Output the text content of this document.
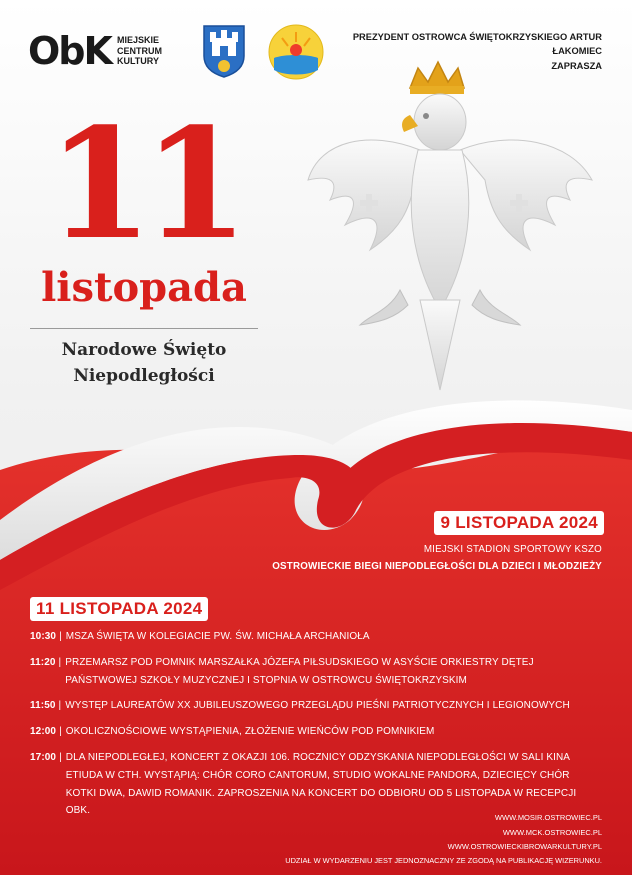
ObK MIEJSKIE CENTRUM KULTURY
PREZYDENT OSTROWCA ŚWIĘTOKRZYSKIEGO ARTUR ŁAKOMIEC
ZAPRASZA
11
listopada
Narodowe Święto
Niepodległości
9 LISTOPADA 2024
MIEJSKI STADION SPORTOWY KSZO
OSTROWIECKIE BIEGI NIEPODLEGŁOŚCI DLA DZIECI I MŁODZIEŻY
11 LISTOPADA 2024
10:30 | MSZA ŚWIĘTA W KOLEGIACIE PW. ŚW. MICHAŁA ARCHANIOŁA
11:20 | PRZEMARSZ POD POMNIK MARSZAŁKA JÓZEFA PIŁSUDSKIEGO W ASYŚCIE ORKIESTRY DĘTEJ PAŃSTWOWEJ SZKOŁY MUZYCZNEJ I STOPNIA W OSTROWCU ŚWIĘTOKRZYSKIM
11:50 | WYSTĘP LAUREATÓW XX JUBILEUSZOWEGO PRZEGLĄDU PIEŚNI PATRIOTYCZNYCH I LEGIONOWYCH
12:00 | OKOLICZNOŚCIOWE WYSTĄPIENIA, ZŁOŻENIE WIEŃCÓW POD POMNIKIEM
17:00 | DLA NIEPODLEGŁEJ, KONCERT Z OKAZJI 106. ROCZNICY ODZYSKANIA NIEPODLEGŁOŚCI W SALI KINA ETIUDA W CTH. WYSTĄPIĄ: CHÓR CORO CANTORUM, STUDIO WOKALNE PANDORA, DZIECIĘCY CHÓR KOTKI DWA, DAWID ROMANIK. ZAPROSZENIA NA KONCERT DO ODBIORU OD 5 LISTOPADA W RECEPCJI OBK.
WWW.MOSIR.OSTROWIEC.PL
WWW.MCK.OSTROWIEC.PL
WWW.OSTROWIECKIBROWARKULTURY.PL
UDZIAŁ W WYDARZENIU JEST JEDNOZNACZNY ZE ZGODĄ NA PUBLIKACJĘ WIZERUNKU.
